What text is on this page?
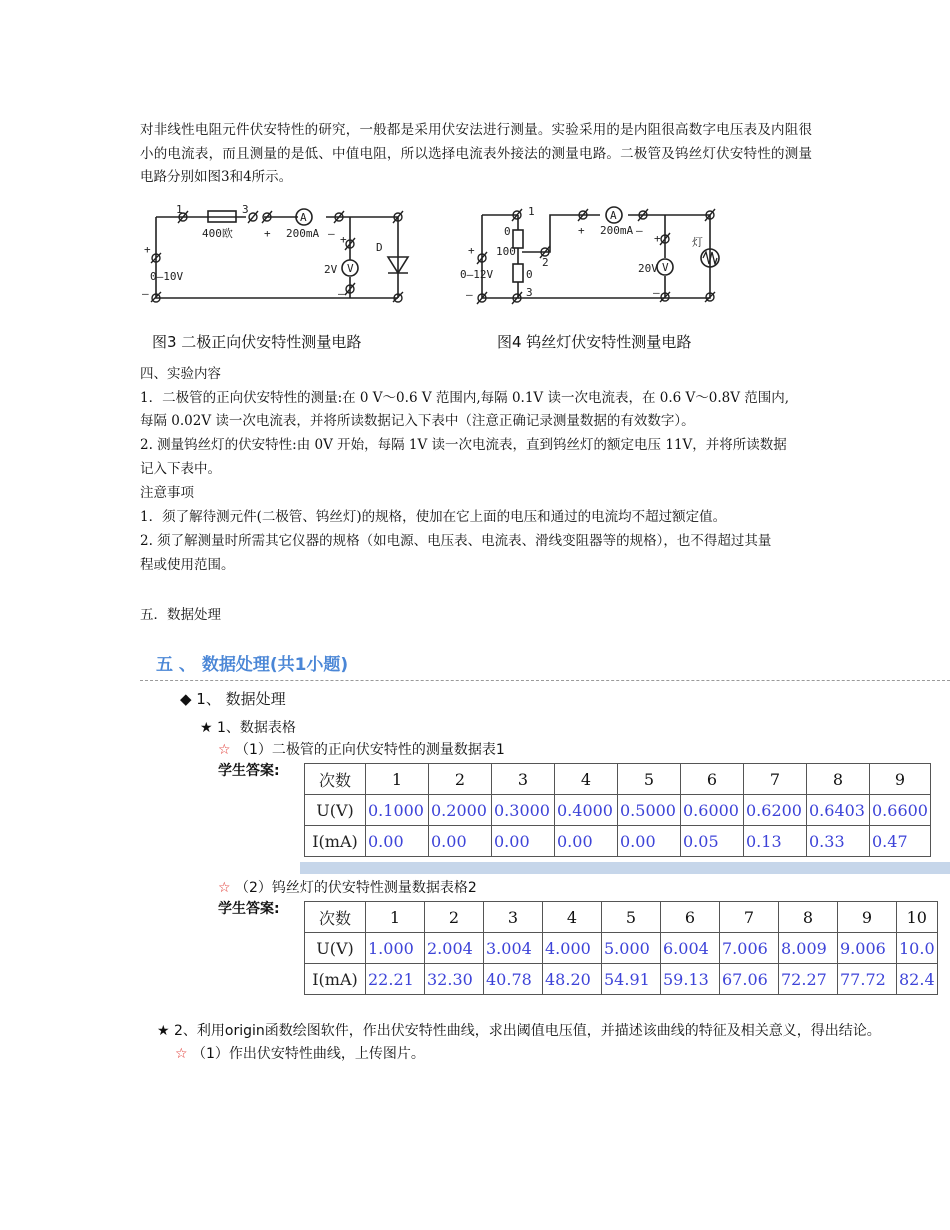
对非线性电阻元件伏安特性的研究，一般都是采用伏安法进行测量。实验采用的是内阻很高数字电压表及内阻很小的电流表，而且测量的是低、中值电阻，所以选择电流表外接法的测量电路。二极管及钨丝灯伏安特性的测量电路分别如图3和4所示。
1	3
400欧
A
200mA
+	—
V
2V
+
—
D
+
0—10V
—
图3 二极正向伏安特性测量电路
1
0
100
2
0
3
A
200mA
+	—
V
20V
+
—
灯
+
0—12V
—
图4 钨丝灯伏安特性测量电路
四、实验内容
1．二极管的正向伏安特性的测量:在 0 V～0.6 V 范围内,每隔 0.1V 读一次电流表，在 0.6 V～0.8V 范围内,
每隔 0.02V 读一次电流表，并将所读数据记入下表中（注意正确记录测量数据的有效数字）。
2. 测量钨丝灯的伏安特性:由 0V 开始，每隔 1V 读一次电流表，直到钨丝灯的额定电压 11V，并将所读数据
记入下表中。
注意事项
1．须了解待测元件(二极管、钨丝灯)的规格，使加在它上面的电压和通过的电流均不超过额定值。
2. 须了解测量时所需其它仪器的规格（如电源、电压表、电流表、滑线变阻器等的规格），也不得超过其量
程或使用范围。
五．数据处理
五 、 数据处理(共1小题)
◆ 1、 数据处理
★ 1、数据表格
☆ （1）二极管的正向伏安特性的测量数据表1
学生答案: 次数	1	2	3	4	5	6	7	8	9
U(V)	0.1000	0.2000	0.3000	0.4000	0.5000	0.6000	0.6200	0.6403	0.6600
I(mA)	0.00	0.00	0.00	0.00	0.00	0.05	0.13	0.33	0.47
☆ （2）钨丝灯的伏安特性测量数据表格2
学生答案: 次数	1	2	3	4	5	6	7	8	9	10
U(V)	1.000	2.004	3.004	4.000	5.000	6.004	7.006	8.009	9.006	10.0
I(mA)	22.21	32.30	40.78	48.20	54.91	59.13	67.06	72.27	77.72	82.4
★ 2、利用origin函数绘图软件，作出伏安特性曲线，求出阈值电压值，并描述该曲线的特征及相关意义，得出结论。
☆ （1）作出伏安特性曲线，上传图片。
